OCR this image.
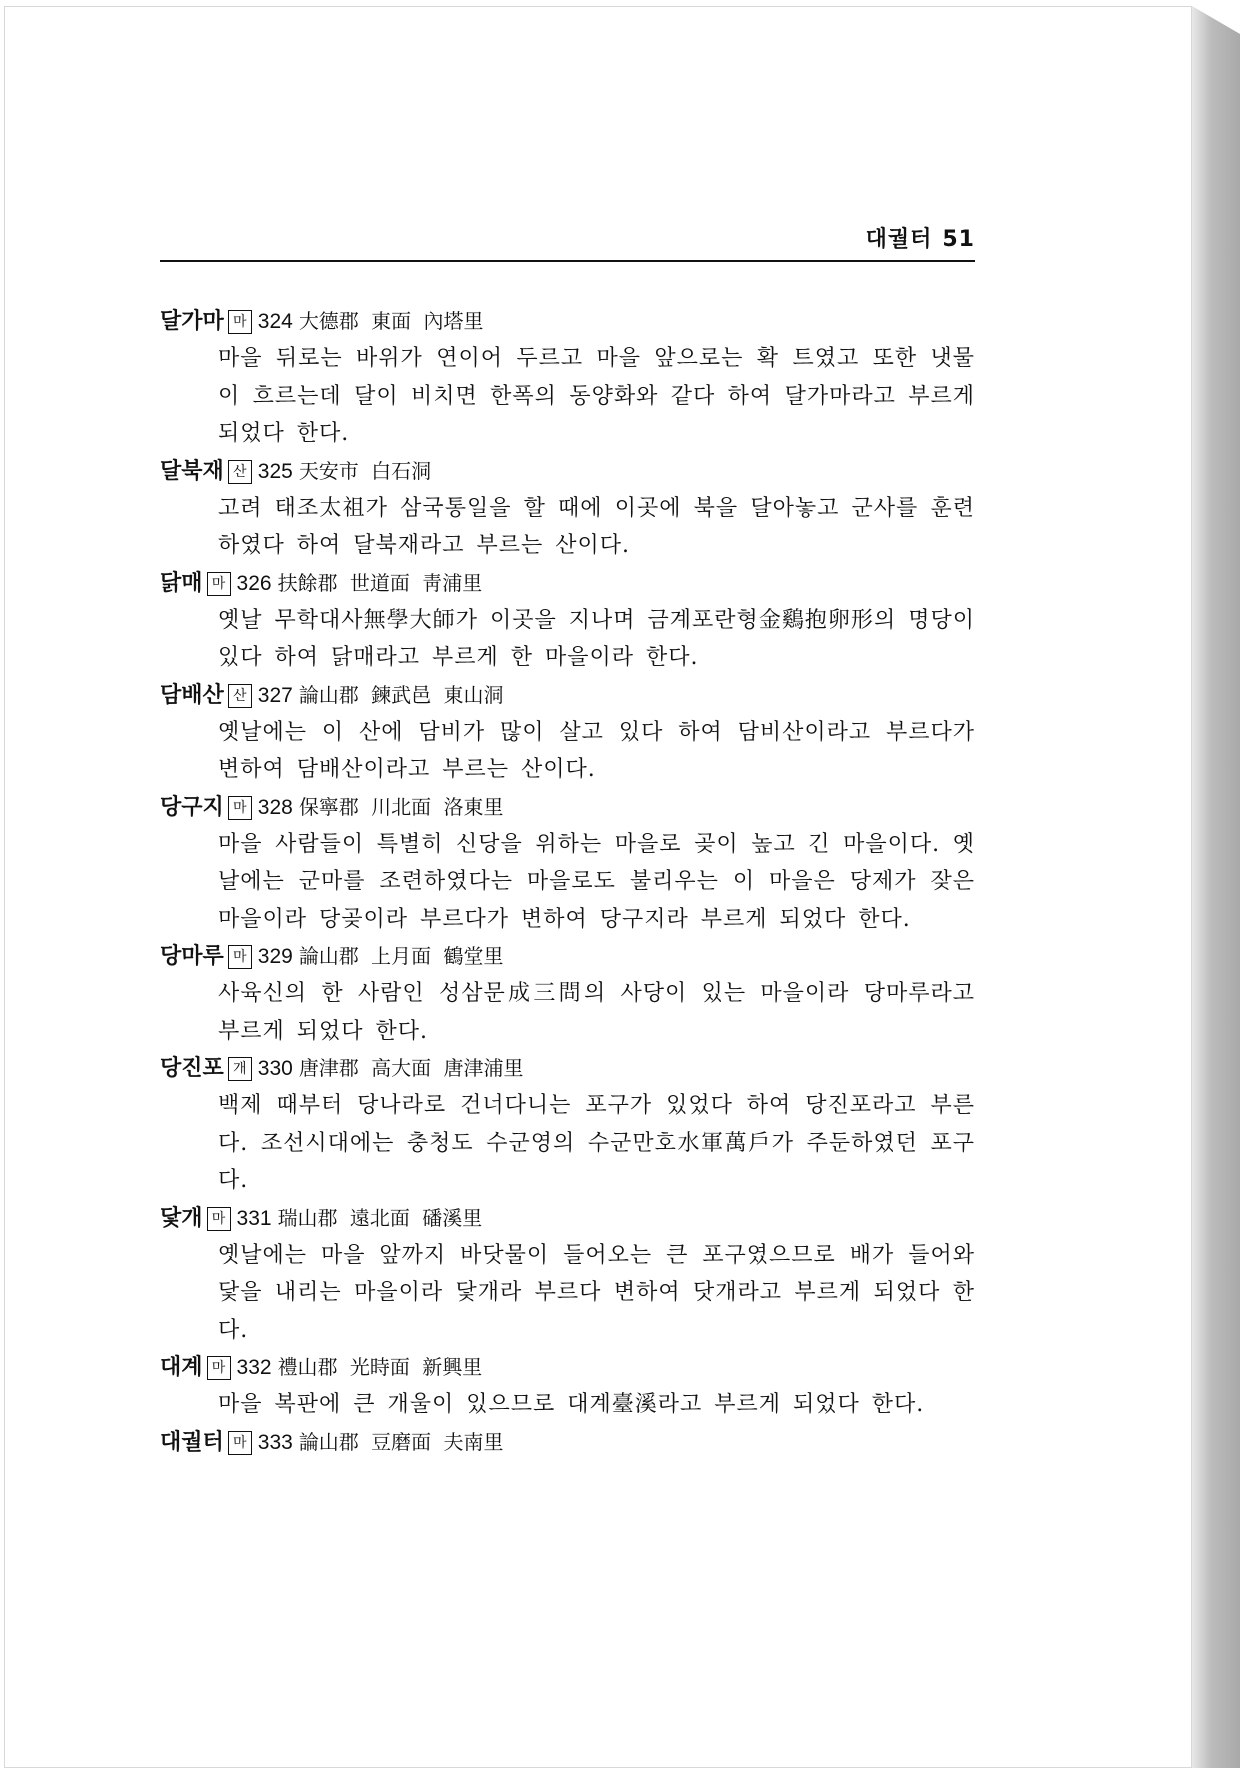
대궐터 51
달가마 마 324 大德郡 東面 內塔里
마을 뒤로는 바위가 연이어 두르고 마을 앞으로는 확 트였고 또한 냇물이 흐르는데 달이 비치면 한폭의 동양화와 같다 하여 달가마라고 부르게 되었다 한다.
달북재 산 325 天安市 白石洞
고려 태조太祖가 삼국통일을 할 때에 이곳에 북을 달아놓고 군사를 훈련하였다 하여 달북재라고 부르는 산이다.
닭매 마 326 扶餘郡 世道面 靑浦里
옛날 무학대사無學大師가 이곳을 지나며 금계포란형金鷄抱卵形의 명당이 있다 하여 닭매라고 부르게 한 마을이라 한다.
담배산 산 327 論山郡 鍊武邑 東山洞
옛날에는 이 산에 담비가 많이 살고 있다 하여 담비산이라고 부르다가 변하여 담배산이라고 부르는 산이다.
당구지 마 328 保寧郡 川北面 洛東里
마을 사람들이 특별히 신당을 위하는 마을로 곶이 높고 긴 마을이다. 옛날에는 군마를 조련하였다는 마을로도 불리우는 이 마을은 당제가 잦은 마을이라 당곶이라 부르다가 변하여 당구지라 부르게 되었다 한다.
당마루 마 329 論山郡 上月面 鶴堂里
사육신의 한 사람인 성삼문成三問의 사당이 있는 마을이라 당마루라고 부르게 되었다 한다.
당진포 개 330 唐津郡 高大面 唐津浦里
백제 때부터 당나라로 건너다니는 포구가 있었다 하여 당진포라고 부른다. 조선시대에는 충청도 수군영의 수군만호水軍萬戶가 주둔하였던 포구다.
닻개 마 331 瑞山郡 遠北面 磻溪里
옛날에는 마을 앞까지 바닷물이 들어오는 큰 포구였으므로 배가 들어와 닻을 내리는 마을이라 닻개라 부르다 변하여 닷개라고 부르게 되었다 한다.
대계 마 332 禮山郡 光時面 新興里
마을 복판에 큰 개울이 있으므로 대계臺溪라고 부르게 되었다 한다.
대궐터 마 333 論山郡 豆磨面 夫南里
